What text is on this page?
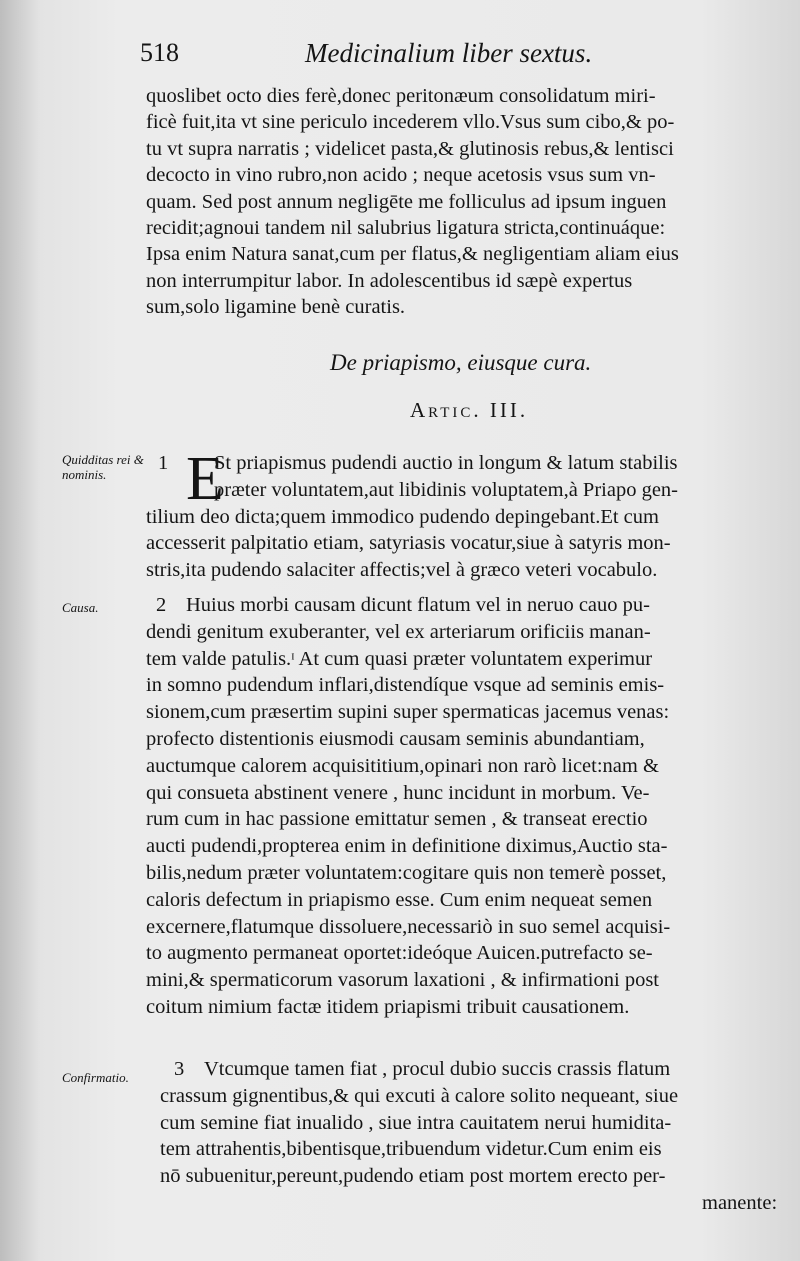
518	Medicinalium liber sextus.
quoslibet octo dies ferè,donec peritonæum consolidatum miri-
ficè fuit,ita vt sine periculo incederem vllo.Vsus sum cibo,& po-
tu vt supra narratis ; videlicet pasta,& glutinosis rebus,& lentisci
decocto in vino rubro,non acido ; neque acetosis vsus sum vn-
quam. Sed post annum negligēte me folliculus ad ipsum inguen
recidit;agnoui tandem nil salubrius ligatura stricta,continuáque:
Ipsa enim Natura sanat,cum per flatus,& negligentiam aliam eius
non interrumpitur labor. In adolescentibus id sæpè expertus
sum,solo ligamine benè curatis.
De priapismo, eiusque cura.
Artic. III.
Quidditas rei & nominis.
Causa.
Confirmatio.
1 E
St priapismus pudendi auctio in longum & latum stabilis
præter voluntatem,aut libidinis voluptatem,à Priapo gen-
tilium deo dicta;quem immodico pudendo depingebant.Et cum
accesserit palpitatio etiam, satyriasis vocatur,siue à satyris mon-
stris,ita pudendo salaciter affectis;vel à græco veteri vocabulo.
2 Huius morbi causam dicunt flatum vel in neruo cauo pu-
dendi genitum exuberanter, vel ex arteriarum orificiis manan-
tem valde patulis.ᶦ At cum quasi præter voluntatem experimur
in somno pudendum inflari,distendíque vsque ad seminis emis-
sionem,cum præsertim supini super spermaticas jacemus venas:
profecto distentionis eiusmodi causam seminis abundantiam,
auctumque calorem acquisititium,opinari non rarò licet:nam &
qui consueta abstinent venere , hunc incidunt in morbum. Ve-
rum cum in hac passione emittatur semen , & transeat erectio
aucti pudendi,propterea enim in definitione diximus,Auctio sta-
bilis,nedum præter voluntatem:cogitare quis non temerè posset,
caloris defectum in priapismo esse. Cum enim nequeat semen
excernere,flatumque dissoluere,necessariò in suo semel acquisi-
to augmento permaneat oportet:ideóque Auicen.putrefacto se-
mini,& spermaticorum vasorum laxationi , & infirmationi post
coitum nimium factæ itidem priapismi tribuit causationem.
3 Vtcumque tamen fiat , procul dubio succis crassis flatum
crassum gignentibus,& qui excuti à calore solito nequeant, siue
cum semine fiat inualido , siue intra cauitatem nerui humidita-
tem attrahentis,bibentisque,tribuendum videtur.Cum enim eis
nō subuenitur,pereunt,pudendo etiam post mortem erecto per-
manente:
